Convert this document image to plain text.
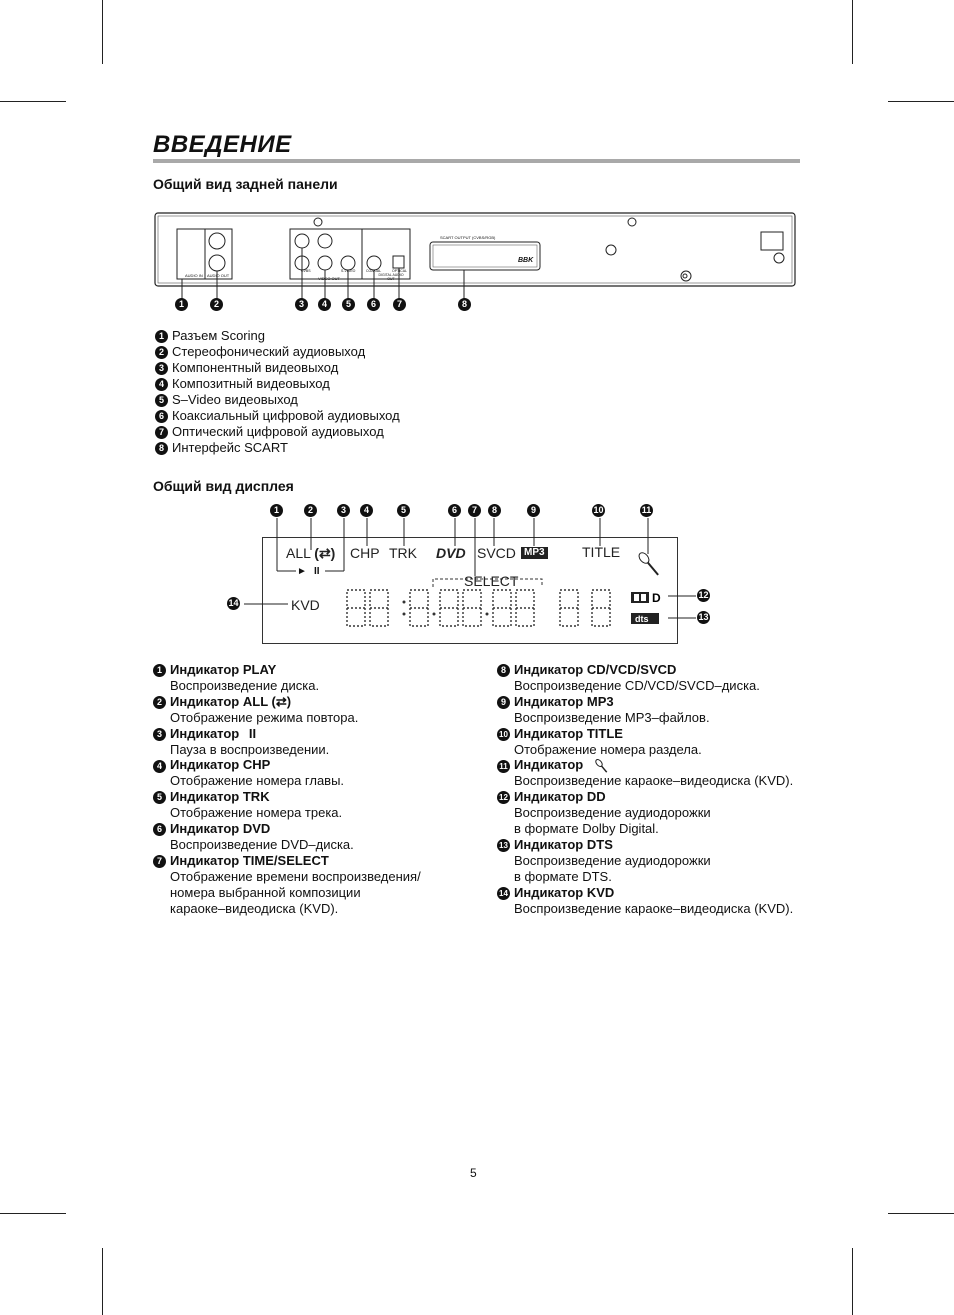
ВВЕДЕНИЕ
Общий вид задней панели
AUDIO IN AUDIO OUT
CVBS	S-VIDEO
VIDEO OUT
COAXIAL	OPTICAL
DIGITAL AUDIO OUT
SCART OUTPUT (CVBS/RGB)
BBK
1	2	3	4	5	6	7	8
1 Разъем Scoring
2 Стереофонический аудиовыход
3 Компонентный видеовыход
4 Композитный видеовыход
5 S–Video видеовыход
6 Коаксиальный цифровой аудиовыход
7 Оптический цифровой аудиовыход
8 Интерфейс SCART
Общий вид дисплея
1	2	3	4	5	6	7	8	9	10	11
12
13
14	D
dts
ALL (⇄) CHP TRK DVD SVCD MP3	TITLE
► II
SELECT
KVD
1 Индикатор PLAY
Воспроизведение диска.
2 Индикатор ALL (⇄)
Отображение режима повтора.
3 Индикатор II
Пауза в воспроизведении.
4 Индикатор CHP
Отображение номера главы.
5 Индикатор TRK
Отображение номера трека.
6 Индикатор DVD
Воспроизведение DVD–диска.
7 Индикатор TIME/SELECT
Отображение времени воспроизведения/
номера выбранной композиции
караоке–видеодиска (KVD).
8 Индикатор CD/VCD/SVCD
Воспроизведение CD/VCD/SVCD–диска.
9 Индикатор MP3
Воспроизведение MP3–файлов.
10 Индикатор TITLE
Отображение номера раздела.
11 Индикатор
Воспроизведение караоке–видеодиска (KVD).
12 Индикатор DD
Воспроизведение аудиодорожки
в формате Dolby Digital.
13 Индикатор DTS
Воспроизведение аудиодорожки
в формате DTS.
14 Индикатор KVD
Воспроизведение караоке–видеодиска (KVD).
5
